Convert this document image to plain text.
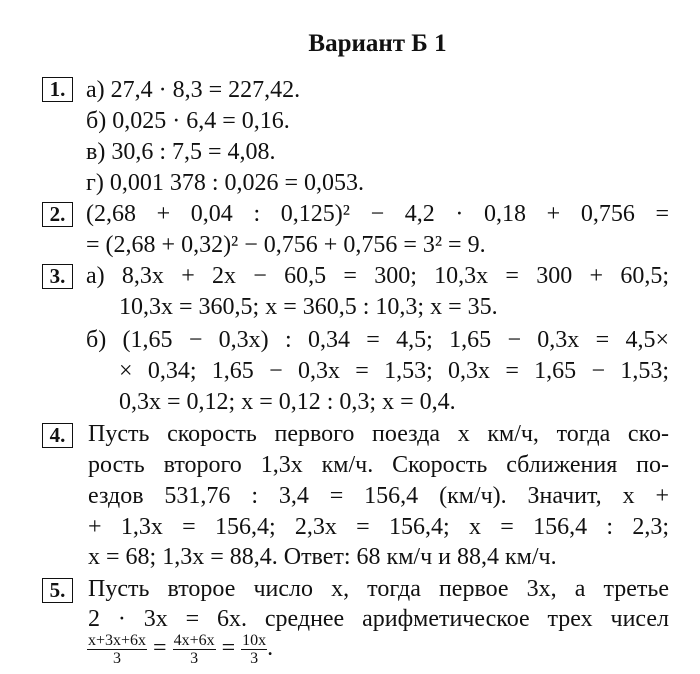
Вариант Б 1
1. а) 27,4 · 8,3 = 227,42.
б) 0,025 · 6,4 = 0,16.
в) 30,6 : 7,5 = 4,08.
г) 0,001 378 : 0,026 = 0,053.
2. (2,68 + 0,04 : 0,125)² − 4,2 · 0,18 + 0,756 =
= (2,68 + 0,32)² − 0,756 + 0,756 = 3² = 9.
3. а) 8,3x + 2x − 60,5 = 300; 10,3x = 300 + 60,5;
10,3x = 360,5; x = 360,5 : 10,3; x = 35.
б) (1,65 − 0,3x) : 0,34 = 4,5; 1,65 − 0,3x = 4,5×
× 0,34; 1,65 − 0,3x = 1,53; 0,3x = 1,65 − 1,53;
0,3x = 0,12; x = 0,12 : 0,3; x = 0,4.
4. Пусть скорость первого поезда x км/ч, тогда ско-
рость второго 1,3x км/ч. Скорость сближения по-
ездов 531,76 : 3,4 = 156,4 (км/ч). Значит, x +
+ 1,3x = 156,4; 2,3x = 156,4; x = 156,4 : 2,3;
x = 68; 1,3x = 88,4. Ответ: 68 км/ч и 88,4 км/ч.
5. Пусть второе число x, тогда первое 3x, а третье
2 · 3x = 6x. среднее арифметическое трех чисел
$\frac{x+3x+6x}{3} = \frac{4x+6x}{3} = \frac{10x}{3}$ .
